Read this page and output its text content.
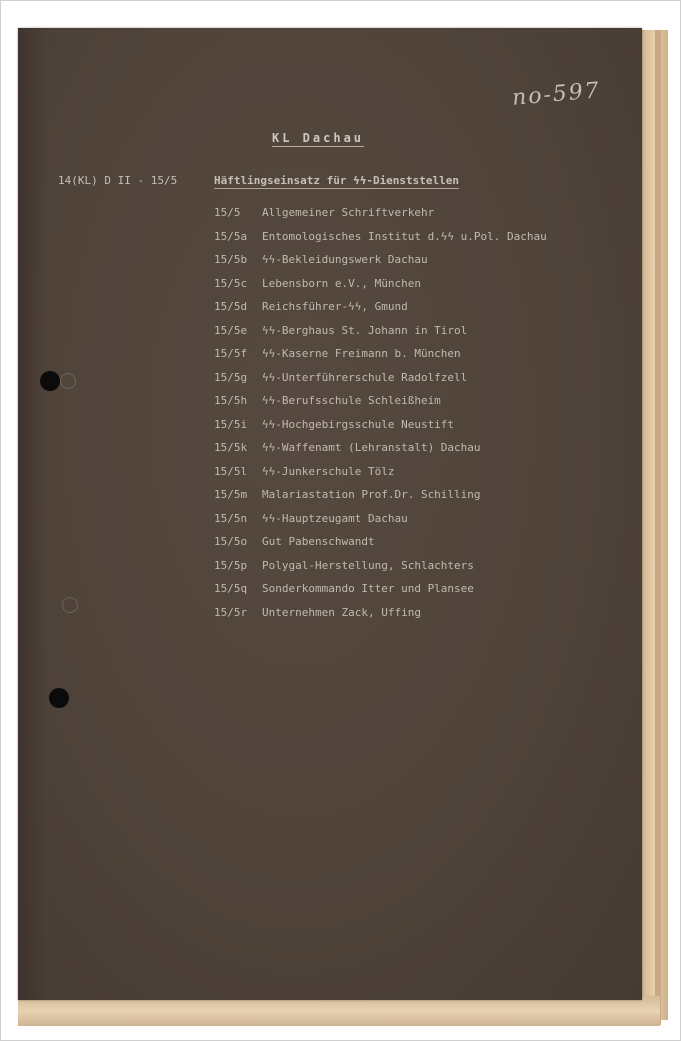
no-597
KL Dachau
14(KL) D II - 15/5	Häftlingseinsatz für ϟϟ-Dienststellen
15/5 Allgemeiner Schriftverkehr
15/5a Entomologisches Institut d.ϟϟ u.Pol. Dachau
15/5b ϟϟ-Bekleidungswerk Dachau
15/5c Lebensborn e.V., München
15/5d Reichsführer-ϟϟ, Gmund
15/5e ϟϟ-Berghaus St. Johann in Tirol
15/5f ϟϟ-Kaserne Freimann b. München
15/5g ϟϟ-Unterführerschule Radolfzell
15/5h ϟϟ-Berufsschule Schleißheim
15/5i ϟϟ-Hochgebirgsschule Neustift
15/5k ϟϟ-Waffenamt (Lehranstalt) Dachau
15/5l ϟϟ-Junkerschule Tölz
15/5m Malariastation Prof.Dr. Schilling
15/5n ϟϟ-Hauptzeugamt Dachau
15/5o Gut Pabenschwandt
15/5p Polygal-Herstellung, Schlachters
15/5q Sonderkommando Itter und Plansee
15/5r Unternehmen Zack, Uffing
